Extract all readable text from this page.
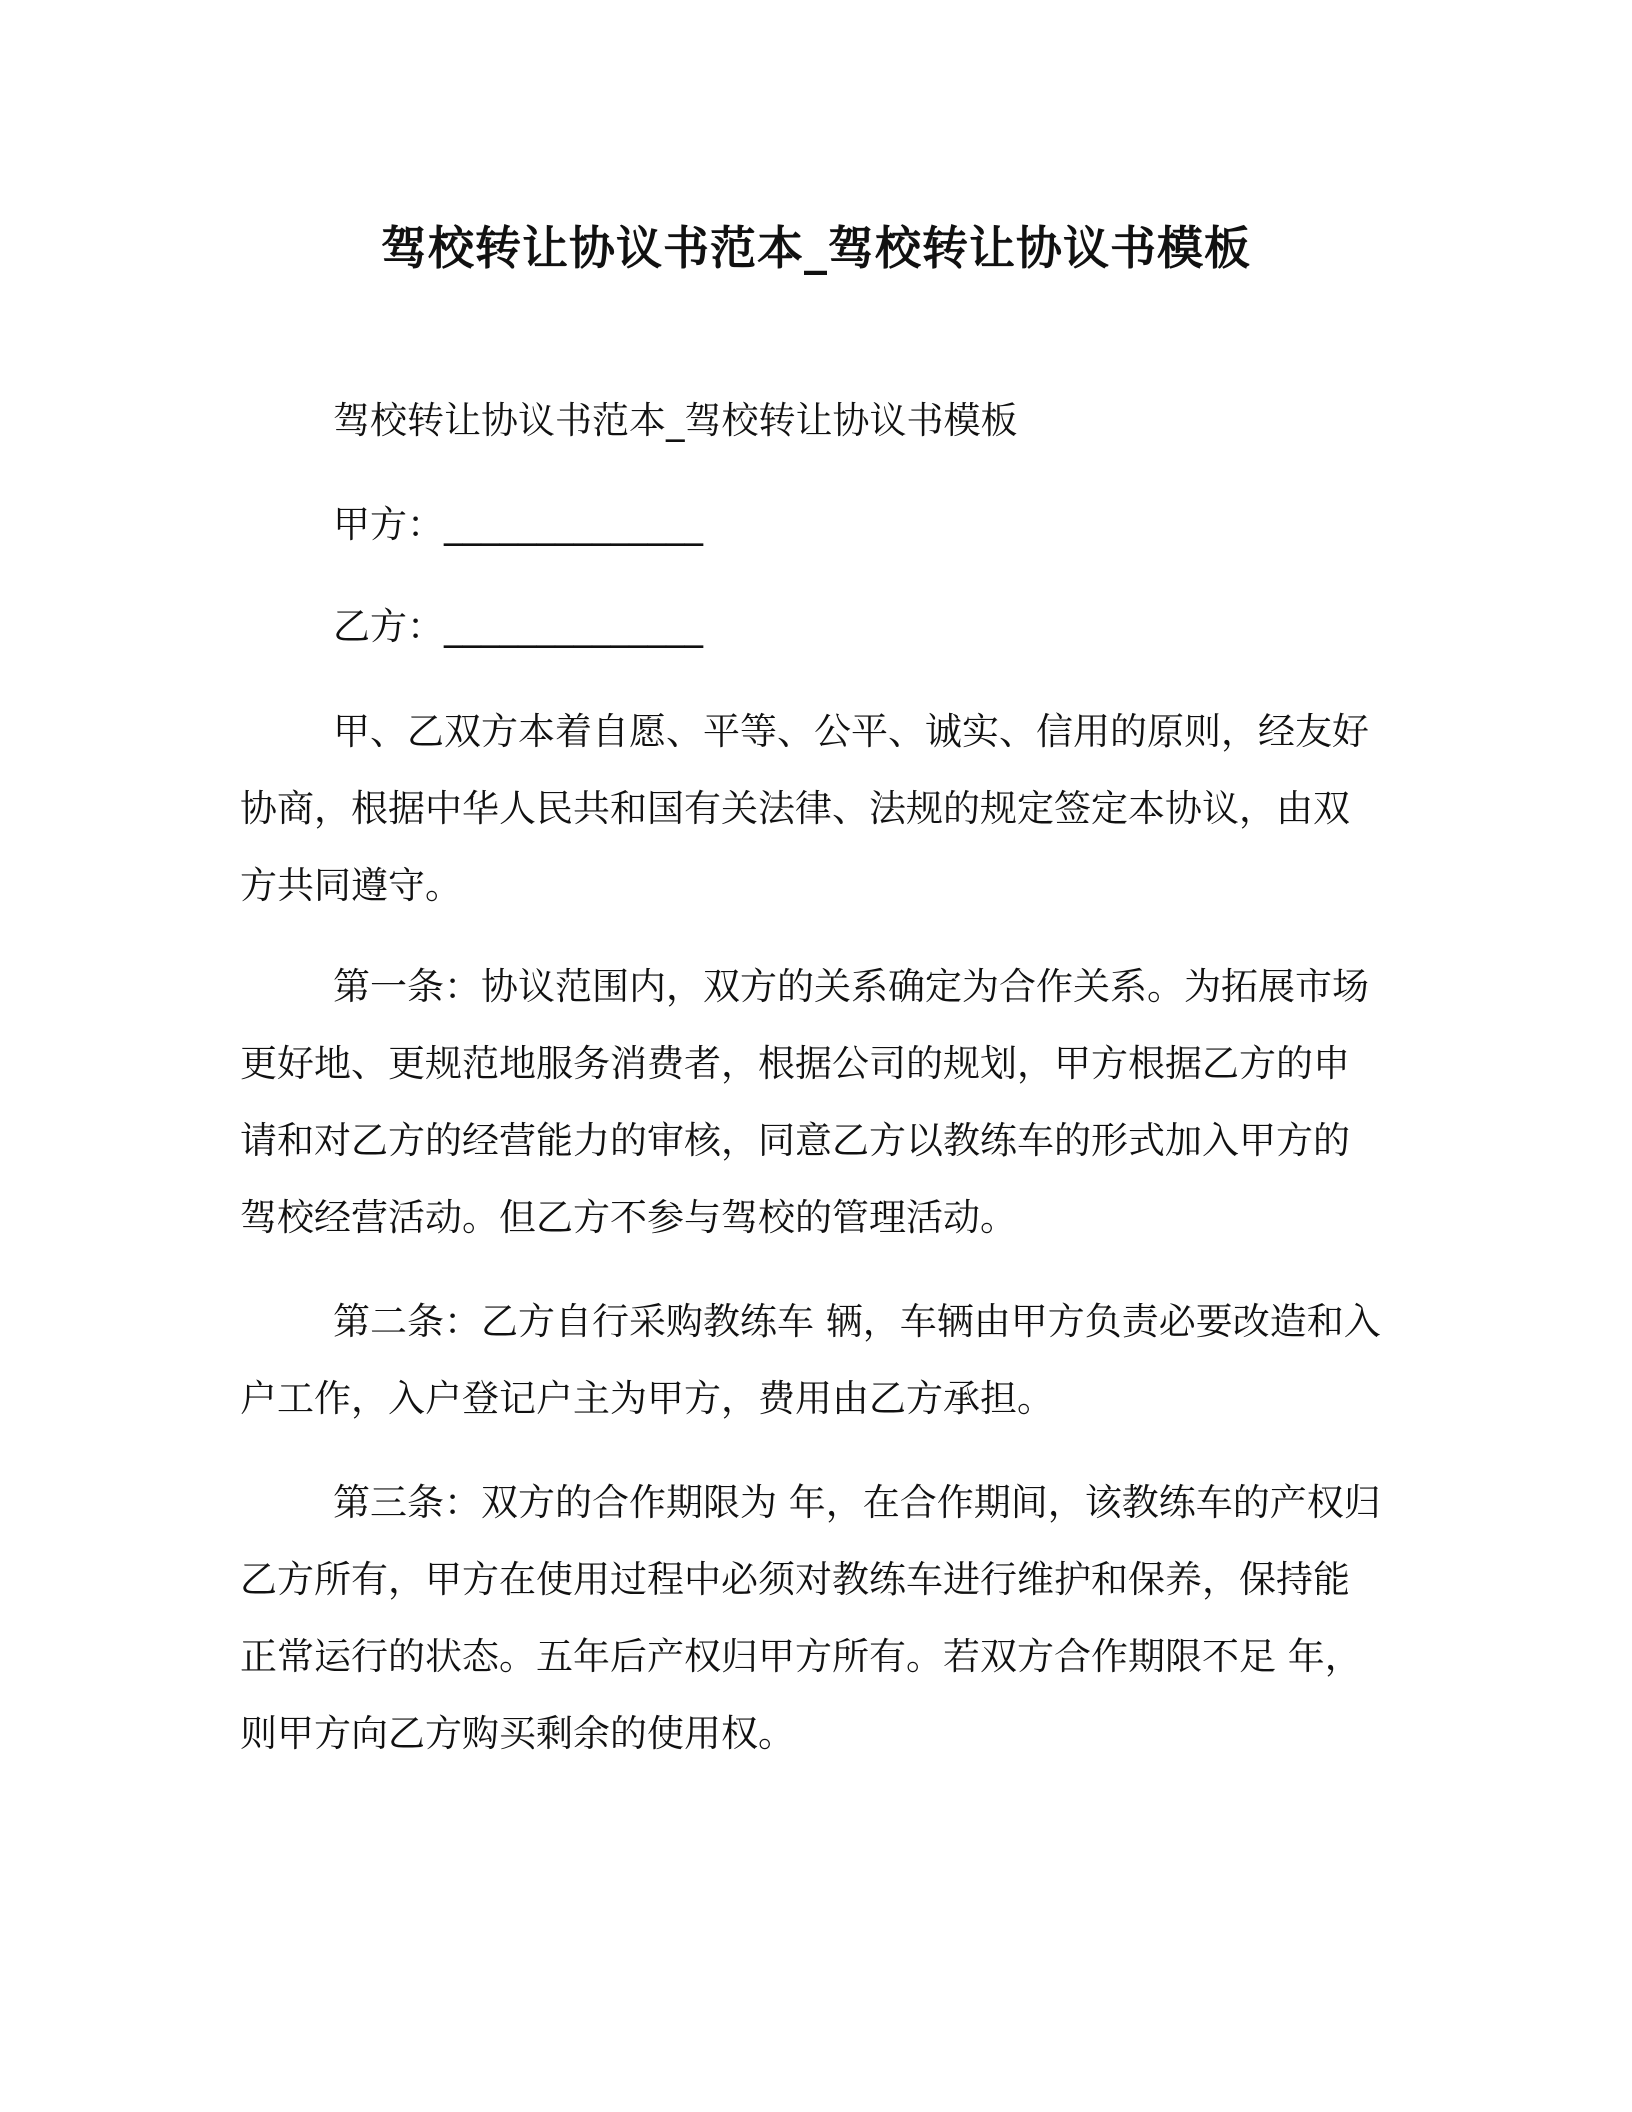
驾校转让协议书范本_驾校转让协议书模板
驾校转让协议书范本_驾校转让协议书模板
甲方：______________
乙方：______________
甲、乙双方本着自愿、平等、公平、诚实、信用的原则，经友好
协商，根据中华人民共和国有关法律、法规的规定签定本协议，由双
方共同遵守。
第一条：协议范围内，双方的关系确定为合作关系。为拓展市场
更好地、更规范地服务消费者，根据公司的规划，甲方根据乙方的申
请和对乙方的经营能力的审核，同意乙方以教练车的形式加入甲方的
驾校经营活动。但乙方不参与驾校的管理活动。
第二条：乙方自行采购教练车 辆，车辆由甲方负责必要改造和入
户工作，入户登记户主为甲方，费用由乙方承担。
第三条：双方的合作期限为 年，在合作期间，该教练车的产权归
乙方所有，甲方在使用过程中必须对教练车进行维护和保养，保持能
正常运行的状态。五年后产权归甲方所有。若双方合作期限不足 年，
则甲方向乙方购买剩余的使用权。
